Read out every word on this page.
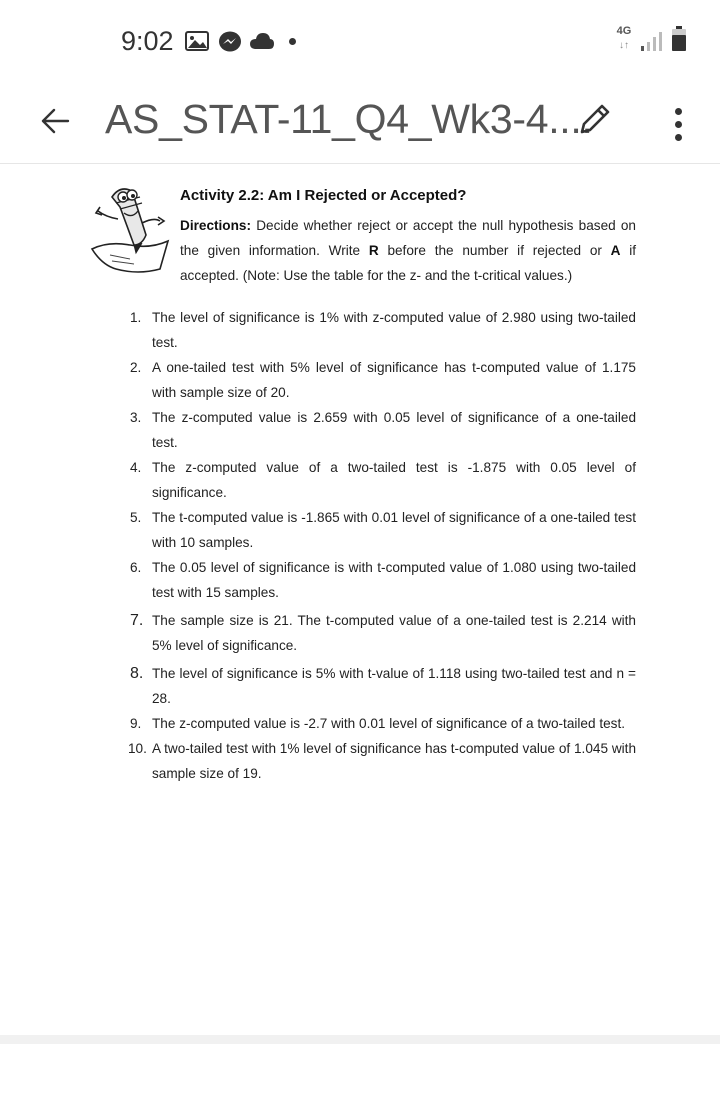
9:02	4G
↓↑
AS_STAT-11_Q4_Wk3-4....
Activity 2.2: Am I Rejected or Accepted?
Directions: Decide whether reject or accept the null hypothesis based on the given information. Write R before the number if rejected or A if accepted. (Note: Use the table for the z- and the t-critical values.)
1. The level of significance is 1% with z-computed value of 2.980 using two-tailed test.
2. A one-tailed test with 5% level of significance has t-computed value of 1.175 with sample size of 20.
3. The z-computed value is 2.659 with 0.05 level of significance of a one-tailed test.
4. The z-computed value of a two-tailed test is -1.875 with 0.05 level of significance.
5. The t-computed value is -1.865 with 0.01 level of significance of a one-tailed test with 10 samples.
6. The 0.05 level of significance is with t-computed value of 1.080 using two-tailed test with 15 samples.
7. The sample size is 21. The t-computed value of a one-tailed test is 2.214 with 5% level of significance.
8. The level of significance is 5% with t-value of 1.118 using two-tailed test and n = 28.
9. The z-computed value is -2.7 with 0.01 level of significance of a two-tailed test.
10. A two-tailed test with 1% level of significance has t-computed value of 1.045 with sample size of 19.
